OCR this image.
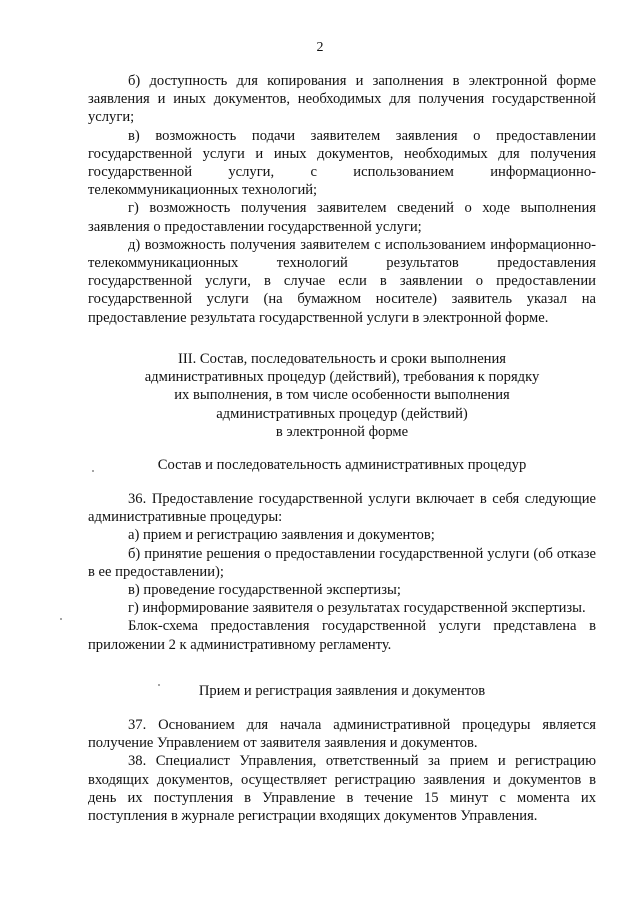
2

б) доступность для копирования и заполнения в электронной форме заявления и иных документов, необходимых для получения государственной услуги;

в) возможность подачи заявителем заявления о предоставлении государственной услуги и иных документов, необходимых для получения государственной услуги, с использованием информационно-телекоммуникационных технологий;

г) возможность получения заявителем сведений о ходе выполнения заявления о предоставлении государственной услуги;

д) возможность получения заявителем с использованием информационно-телекоммуникационных технологий результатов предоставления государственной услуги, в случае если в заявлении о предоставлении государственной услуги (на бумажном носителе) заявитель указал на предоставление результата государственной услуги в электронной форме.

III. Состав, последовательность и сроки выполнения

административных процедур (действий), требования к порядку

их выполнения, в том числе особенности выполнения

административных процедур (действий)

в электронной форме

Состав и последовательность административных процедур

36. Предоставление государственной услуги включает в себя следующие административные процедуры:

а) прием и регистрацию заявления и документов;

б) принятие решения о предоставлении государственной услуги (об отказе в ее предоставлении);

в) проведение государственной экспертизы;

г) информирование заявителя о результатах государственной экспертизы.

Блок-схема предоставления государственной услуги представлена в приложении 2 к административному регламенту.

Прием и регистрация заявления и документов

37. Основанием для начала административной процедуры является получение Управлением от заявителя заявления и документов.

38. Специалист Управления, ответственный за прием и регистрацию входящих документов, осуществляет регистрацию заявления и документов в день их поступления в Управление в течение 15 минут с момента их поступления в журнале регистрации входящих документов Управления.
